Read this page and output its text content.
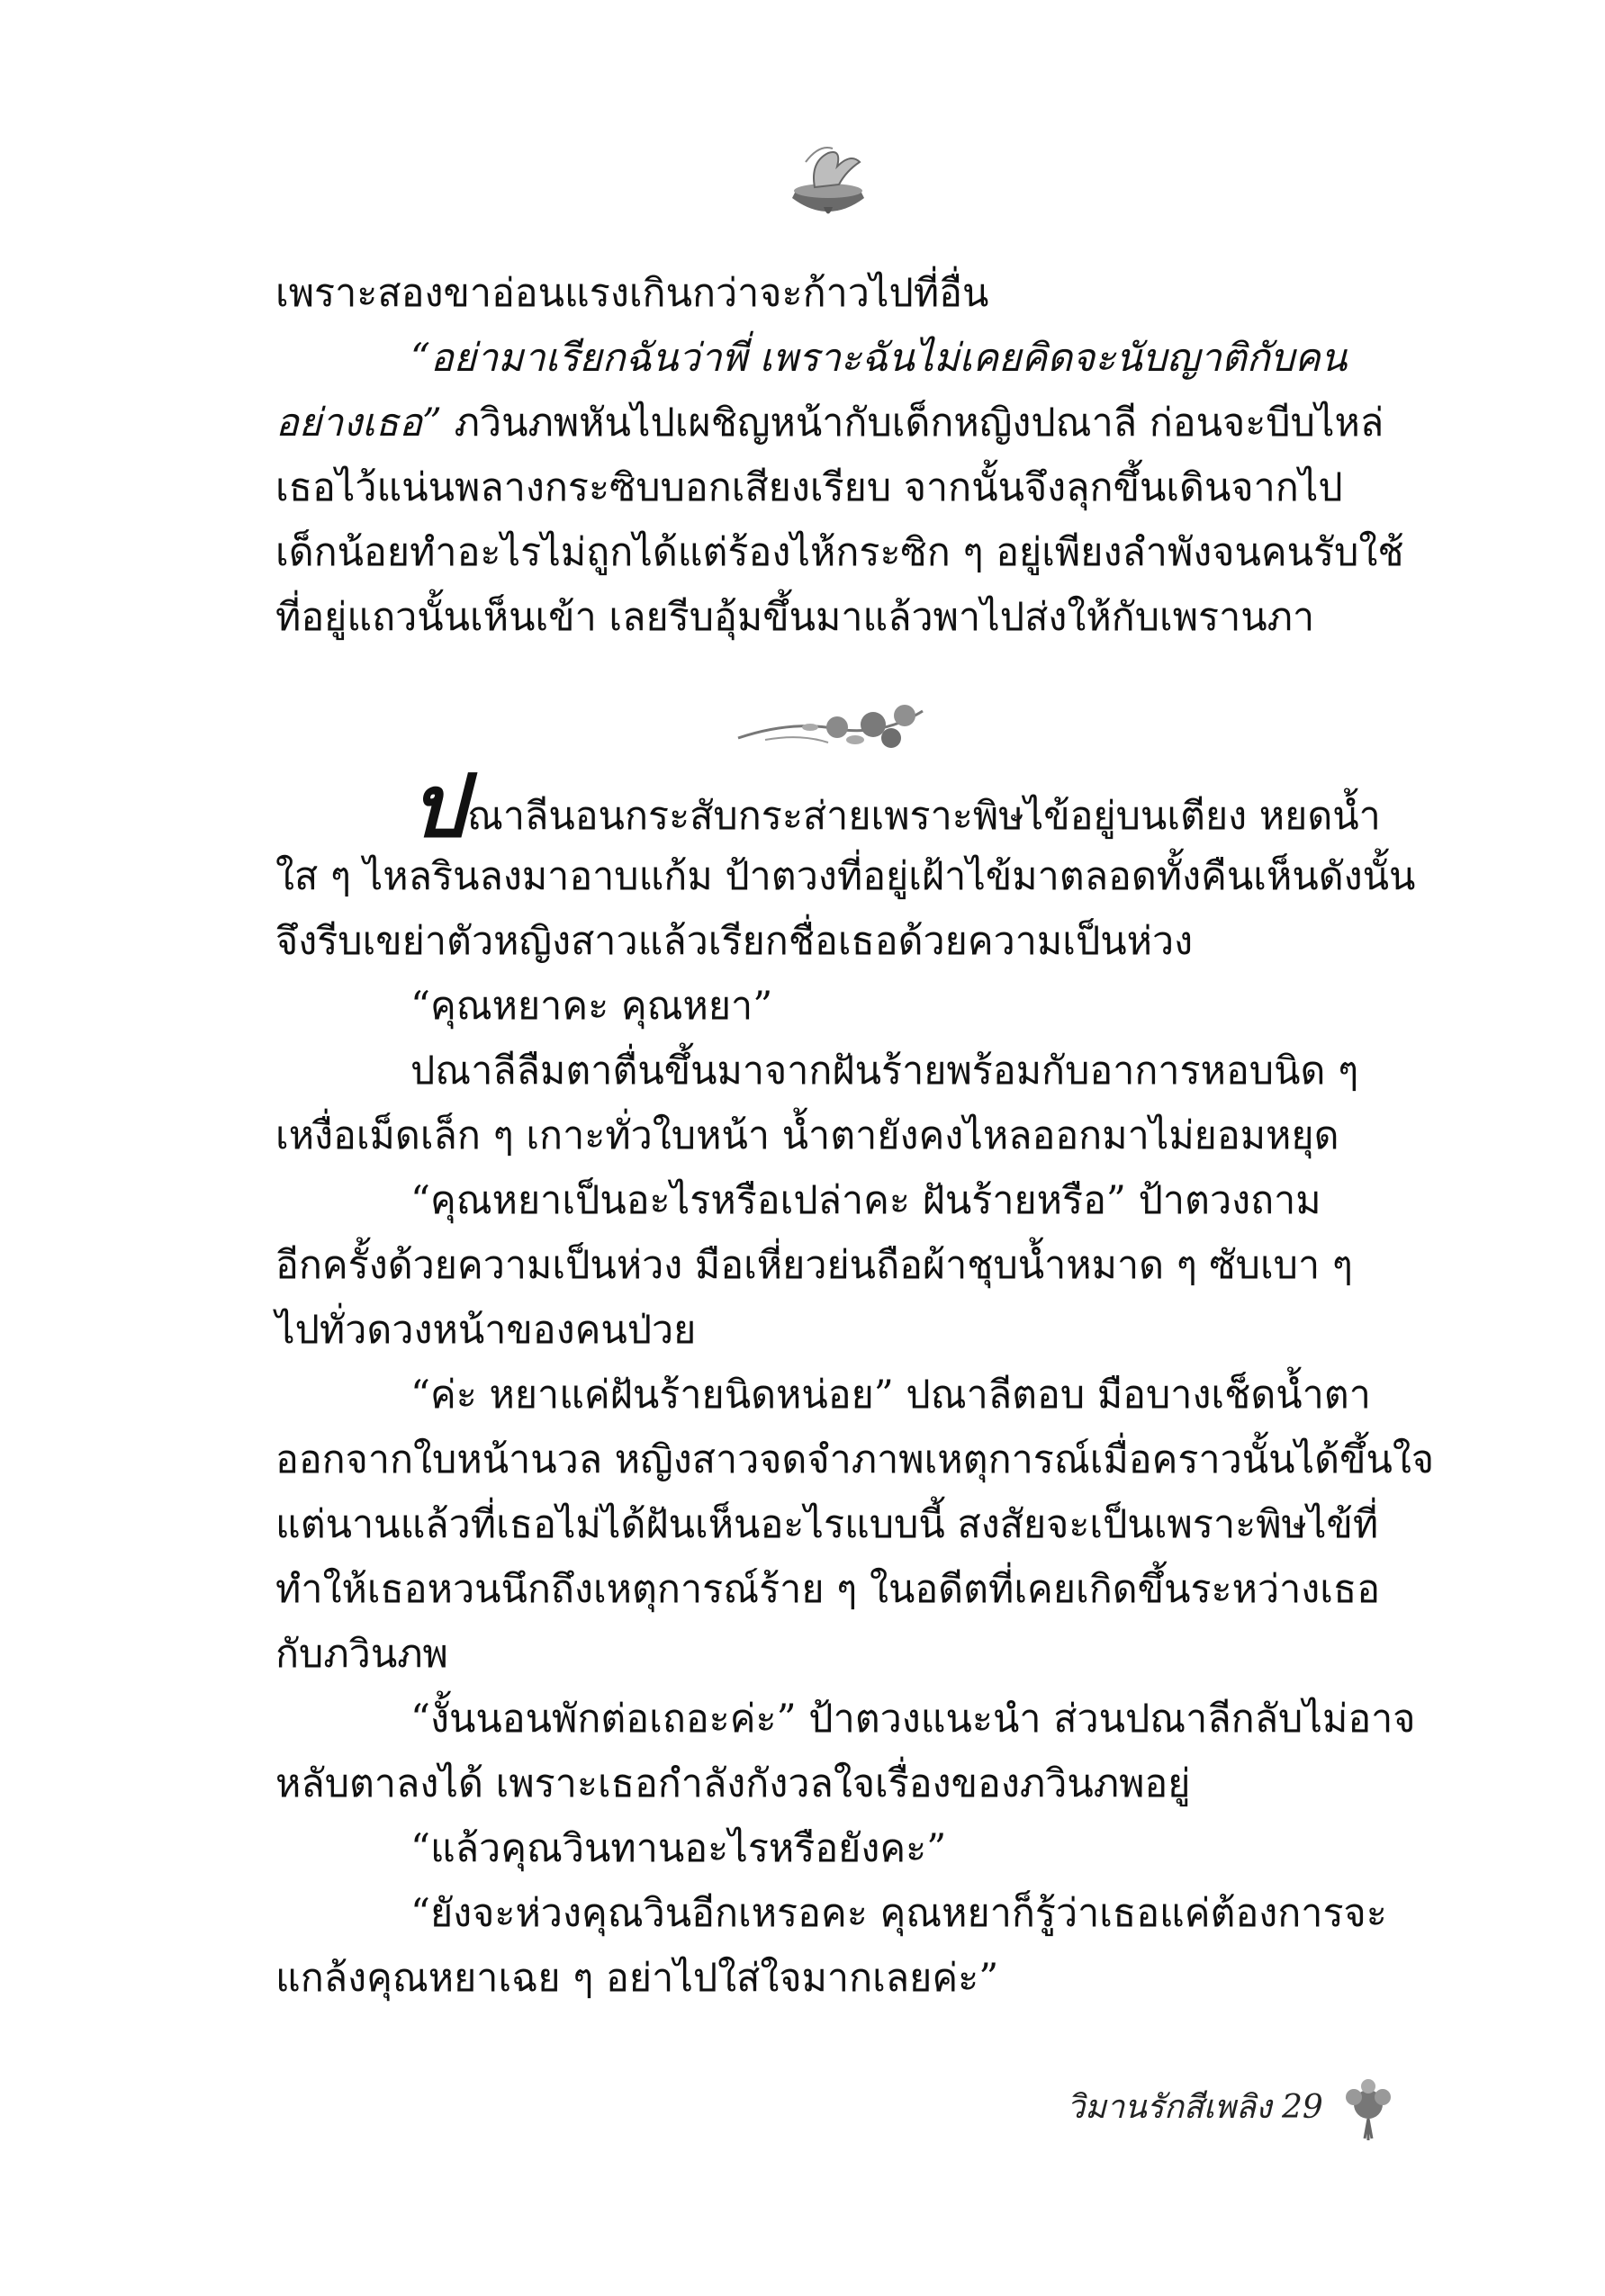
เพราะสองขาอ่อนแรงเกินกว่าจะก้าวไปที่อื่น
“อย่ามาเรียกฉันว่าพี่ เพราะฉันไม่เคยคิดจะนับญาติกับคน
อย่างเธอ” ภวินภพหันไปเผชิญหน้ากับเด็กหญิงปณาลี ก่อนจะบีบไหล่
เธอไว้แน่นพลางกระซิบบอกเสียงเรียบ จากนั้นจึงลุกขึ้นเดินจากไป
เด็กน้อยทำอะไรไม่ถูกได้แต่ร้องไห้กระซิก ๆ อยู่เพียงลำพังจนคนรับใช้
ที่อยู่แถวนั้นเห็นเข้า เลยรีบอุ้มขึ้นมาแล้วพาไปส่งให้กับเพรานภา
ปณาลีนอนกระสับกระส่ายเพราะพิษไข้อยู่บนเตียง หยดน้ำ
ใส ๆ ไหลรินลงมาอาบแก้ม ป้าตวงที่อยู่เฝ้าไข้มาตลอดทั้งคืนเห็นดังนั้น
จึงรีบเขย่าตัวหญิงสาวแล้วเรียกชื่อเธอด้วยความเป็นห่วง
“คุณหยาคะ คุณหยา”
ปณาลีลืมตาตื่นขึ้นมาจากฝันร้ายพร้อมกับอาการหอบนิด ๆ
เหงื่อเม็ดเล็ก ๆ เกาะทั่วใบหน้า น้ำตายังคงไหลออกมาไม่ยอมหยุด
“คุณหยาเป็นอะไรหรือเปล่าคะ ฝันร้ายหรือ” ป้าตวงถาม
อีกครั้งด้วยความเป็นห่วง มือเหี่ยวย่นถือผ้าชุบน้ำหมาด ๆ ซับเบา ๆ
ไปทั่วดวงหน้าของคนป่วย
“ค่ะ หยาแค่ฝันร้ายนิดหน่อย” ปณาลีตอบ มือบางเช็ดน้ำตา
ออกจากใบหน้านวล หญิงสาวจดจำภาพเหตุการณ์เมื่อคราวนั้นได้ขึ้นใจ
แต่นานแล้วที่เธอไม่ได้ฝันเห็นอะไรแบบนี้ สงสัยจะเป็นเพราะพิษไข้ที่
ทำให้เธอหวนนึกถึงเหตุการณ์ร้าย ๆ ในอดีตที่เคยเกิดขึ้นระหว่างเธอ
กับภวินภพ
“งั้นนอนพักต่อเถอะค่ะ” ป้าตวงแนะนำ ส่วนปณาลีกลับไม่อาจ
หลับตาลงได้ เพราะเธอกำลังกังวลใจเรื่องของภวินภพอยู่
“แล้วคุณวินทานอะไรหรือยังคะ”
“ยังจะห่วงคุณวินอีกเหรอคะ คุณหยาก็รู้ว่าเธอแค่ต้องการจะ
แกล้งคุณหยาเฉย ๆ อย่าไปใส่ใจมากเลยค่ะ”
วิมานรักสีเพลิง 29
